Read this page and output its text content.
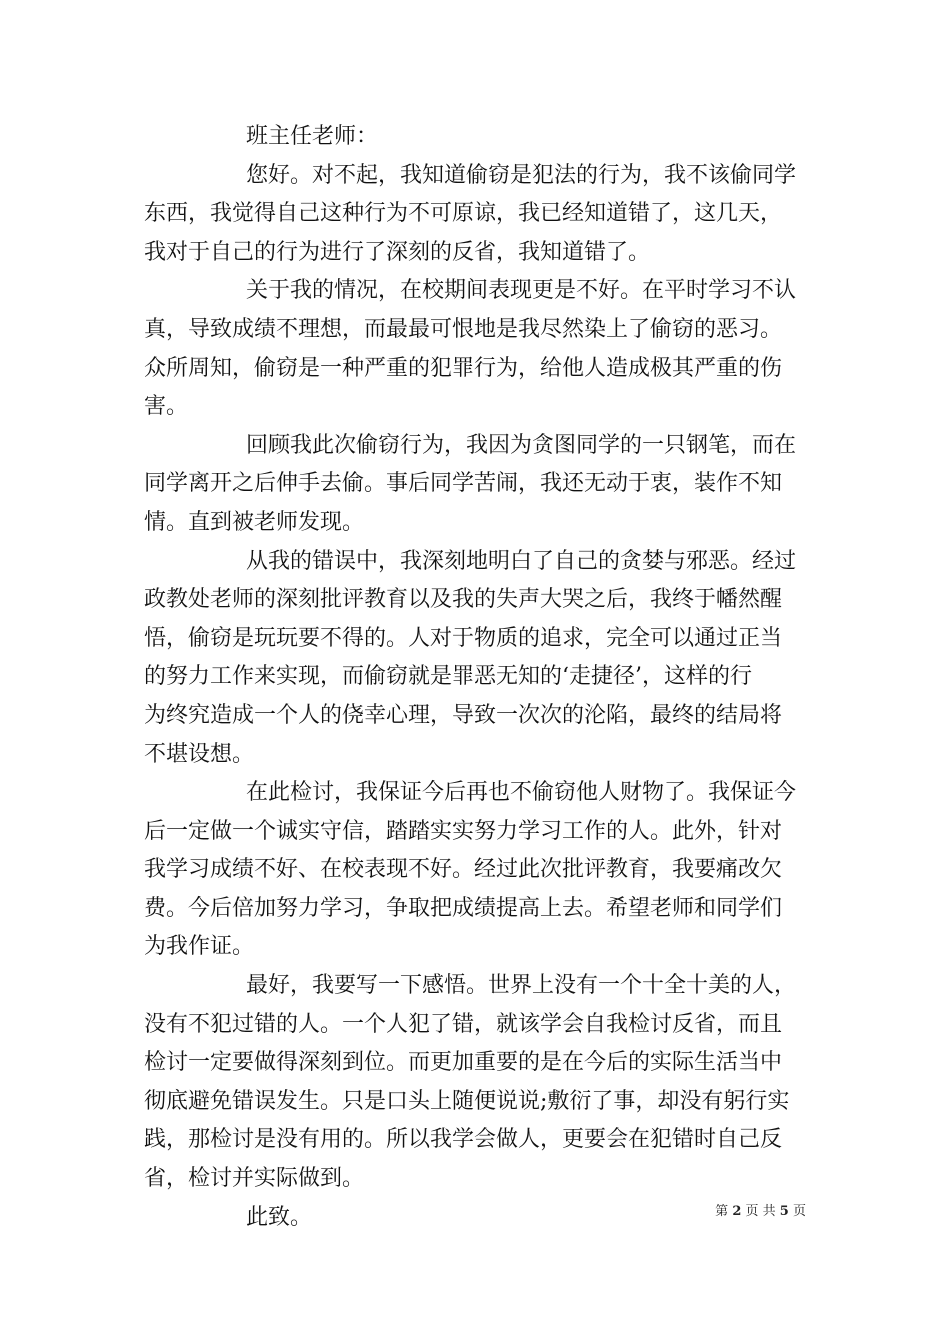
班主任老师：
您好。对不起，我知道偷窃是犯法的行为，我不该偷同学
东西，我觉得自己这种行为不可原谅，我已经知道错了，这几天，
我对于自己的行为进行了深刻的反省，我知道错了。
关于我的情况，在校期间表现更是不好。在平时学习不认
真，导致成绩不理想，而最最可恨地是我尽然染上了偷窃的恶习。
众所周知，偷窃是一种严重的犯罪行为，给他人造成极其严重的伤
害。
回顾我此次偷窃行为，我因为贪图同学的一只钢笔，而在
同学离开之后伸手去偷。事后同学苦闹，我还无动于衷，装作不知
情。直到被老师发现。
从我的错误中，我深刻地明白了自己的贪婪与邪恶。经过
政教处老师的深刻批评教育以及我的失声大哭之后，我终于幡然醒
悟，偷窃是玩玩要不得的。人对于物质的追求，完全可以通过正当
的努力工作来实现，而偷窃就是罪恶无知的‘走捷径’，这样的行
为终究造成一个人的侥幸心理，导致一次次的沦陷，最终的结局将
不堪设想。
在此检讨，我保证今后再也不偷窃他人财物了。我保证今
后一定做一个诚实守信，踏踏实实努力学习工作的人。此外，针对
我学习成绩不好、在校表现不好。经过此次批评教育，我要痛改欠
费。今后倍加努力学习，争取把成绩提高上去。希望老师和同学们
为我作证。
最好，我要写一下感悟。世界上没有一个十全十美的人，
没有不犯过错的人。一个人犯了错，就该学会自我检讨反省，而且
检讨一定要做得深刻到位。而更加重要的是在今后的实际生活当中
彻底避免错误发生。只是口头上随便说说;敷衍了事，却没有躬行实
践，那检讨是没有用的。所以我学会做人，更要会在犯错时自己反
省，检讨并实际做到。
此致。	第 2 页 共 5 页
